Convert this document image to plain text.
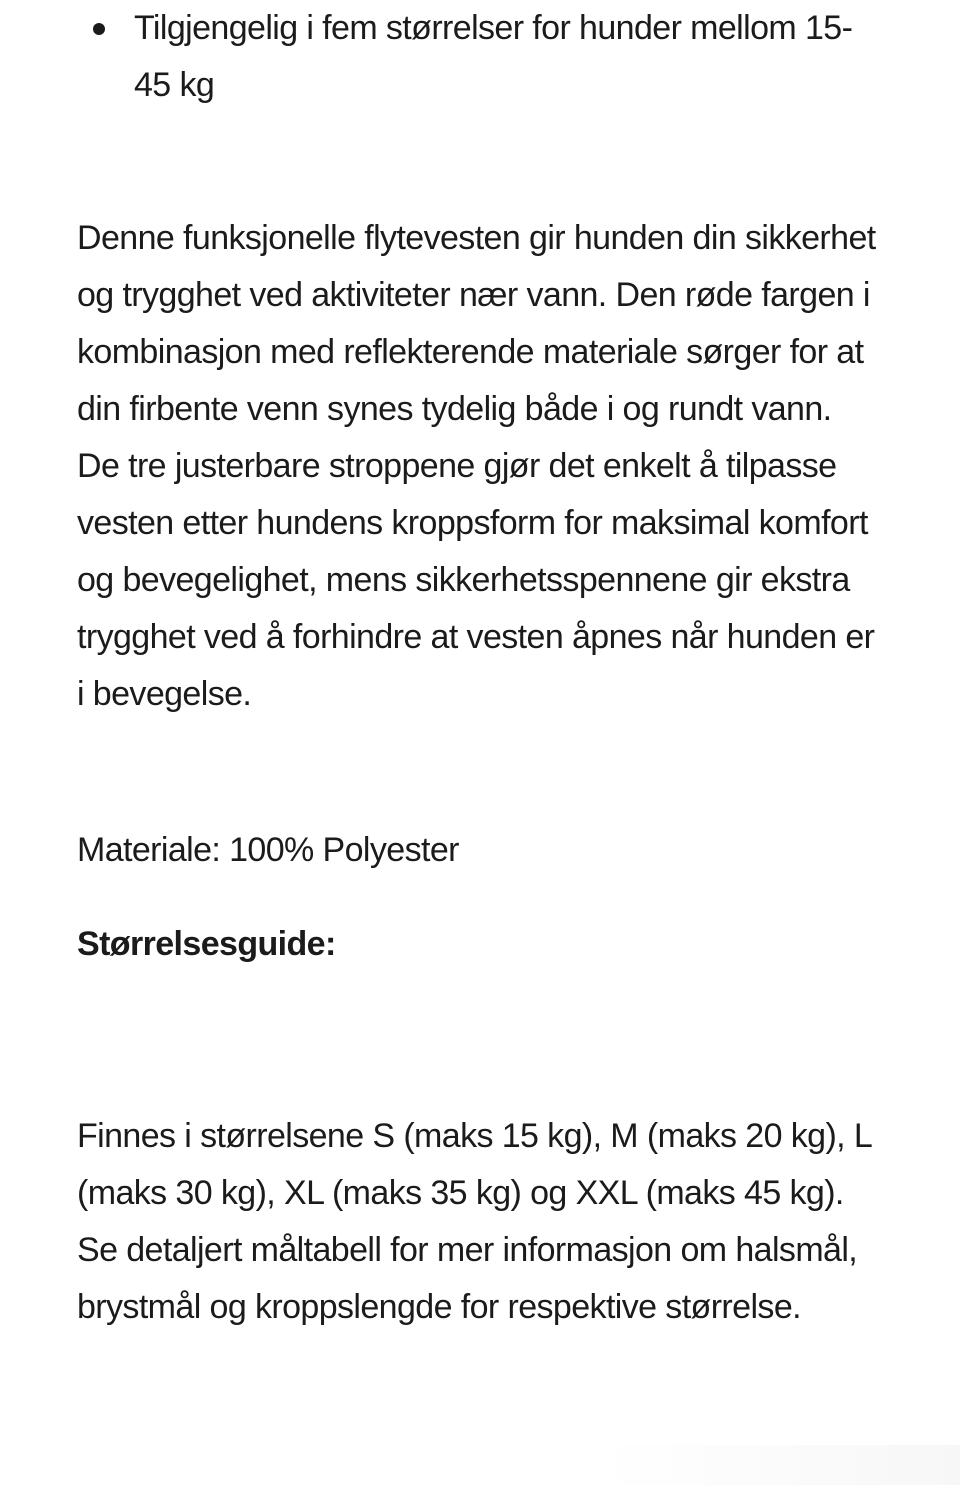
Tilgjengelig i fem størrelser for hunder mellom 15-45 kg

Denne funksjonelle flytevesten gir hunden din sikkerhet og trygghet ved aktiviteter nær vann. Den røde fargen i kombinasjon med reflekterende materiale sørger for at din firbente venn synes tydelig både i og rundt vann. De tre justerbare stroppene gjør det enkelt å tilpasse vesten etter hundens kroppsform for maksimal komfort og bevegelighet, mens sikkerhetsspennene gir ekstra trygghet ved å forhindre at vesten åpnes når hunden er i bevegelse.

Materiale: 100% Polyester

Størrelsesguide:

Finnes i størrelsene S (maks 15 kg), M (maks 20 kg), L (maks 30 kg), XL (maks 35 kg) og XXL (maks 45 kg). Se detaljert måltabell for mer informasjon om halsmål, brystmål og kroppslengde for respektive størrelse.
